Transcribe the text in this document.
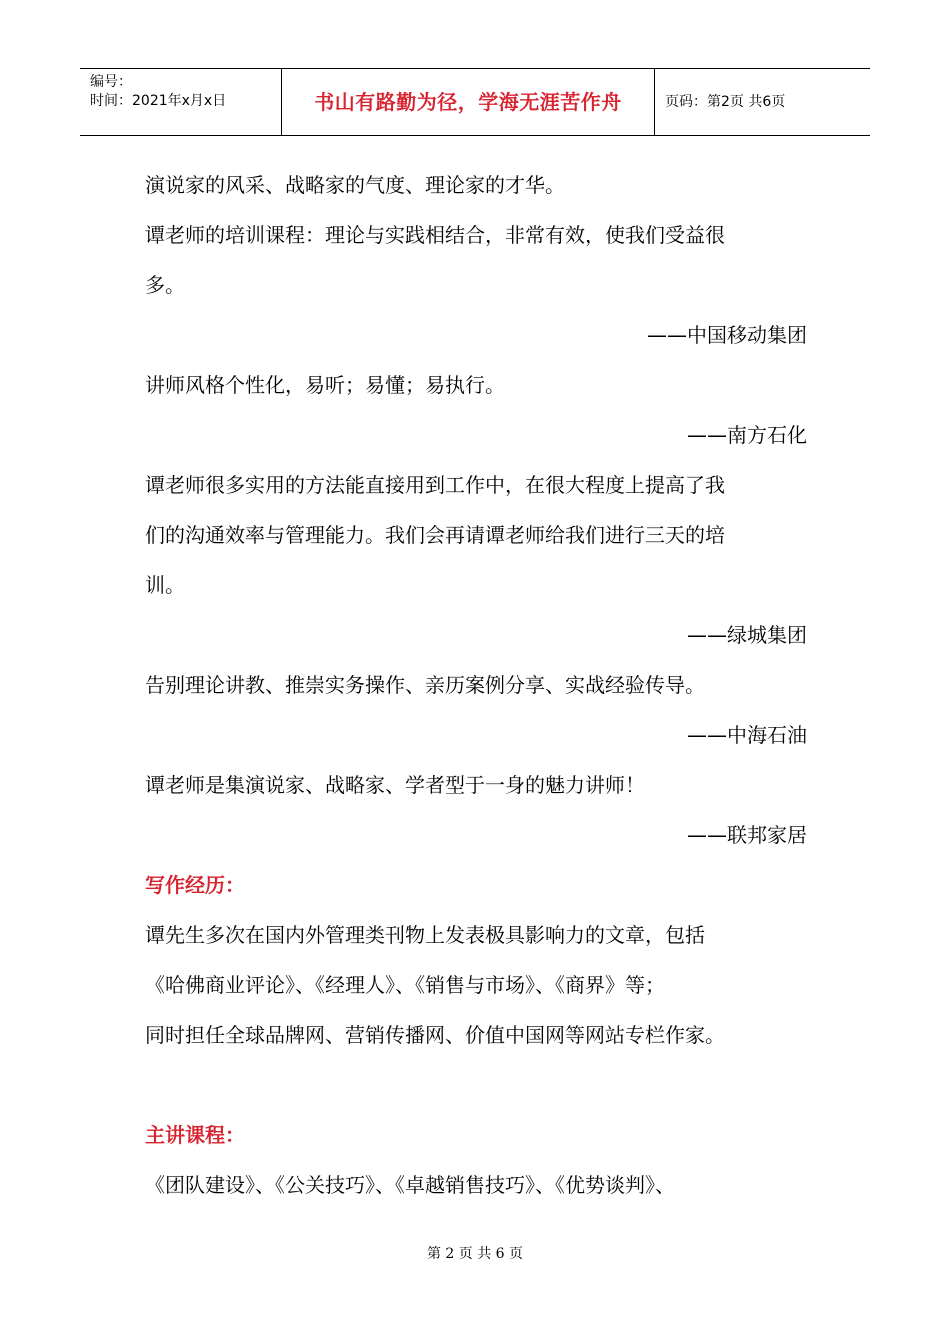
编号：
时间：2021年x月x日	书山有路勤为径，学海无涯苦作舟	页码：第2页 共6页
演说家的风采、战略家的气度、理论家的才华。
谭老师的培训课程：理论与实践相结合，非常有效，使我们受益很
多。
——中国移动集团
讲师风格个性化，易听；易懂；易执行。
——南方石化
谭老师很多实用的方法能直接用到工作中，在很大程度上提高了我
们的沟通效率与管理能力。我们会再请谭老师给我们进行三天的培
训。
——绿城集团
告别理论讲教、推崇实务操作、亲历案例分享、实战经验传导。
——中海石油
谭老师是集演说家、战略家、学者型于一身的魅力讲师！
——联邦家居
写作经历：
谭先生多次在国内外管理类刊物上发表极具影响力的文章，包括
《哈佛商业评论》、《经理人》、《销售与市场》、《商界》等；
同时担任全球品牌网、营销传播网、价值中国网等网站专栏作家。
主讲课程：
《团队建设》、《公关技巧》、《卓越销售技巧》、《优势谈判》、
第 2 页 共 6 页
